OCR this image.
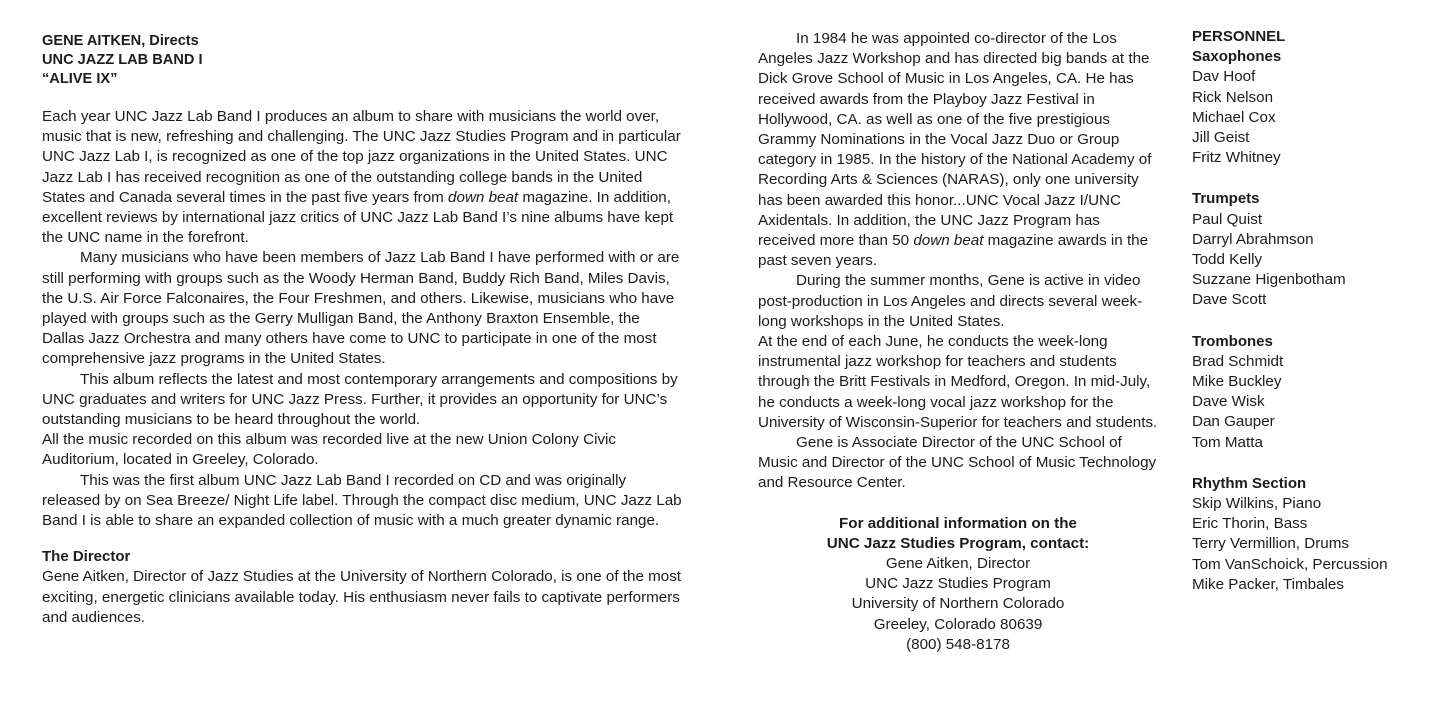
GENE AITKEN, Directs
UNC JAZZ LAB BAND I
“ALIVE IX”

Each year UNC Jazz Lab Band I produces an album to share with musicians the world over, music that is new, refreshing and challenging. The UNC Jazz Studies Program and in particular UNC Jazz Lab I, is recognized as one of the top jazz organizations in the United States. UNC Jazz Lab I has received recognition as one of the outstanding college bands in the United States and Canada several times in the past five years from down beat magazine. In addition, excellent reviews by international jazz critics of UNC Jazz Lab Band I’s nine albums have kept the UNC name in the forefront.

Many musicians who have been members of Jazz Lab Band I have performed with or are still performing with groups such as the Woody Herman Band, Buddy Rich Band, Miles Davis, the U.S. Air Force Falconaires, the Four Freshmen, and others. Likewise, musicians who have played with groups such as the Gerry Mulligan Band, the Anthony Braxton Ensemble, the Dallas Jazz Orchestra and many others have come to UNC to participate in one of the most comprehensive jazz programs in the United States.

This album reflects the latest and most contemporary arrangements and compositions by UNC graduates and writers for UNC Jazz Press. Further, it provides an opportunity for UNC’s outstanding musicians to be heard throughout the world.

All the music recorded on this album was recorded live at the new Union Colony Civic Auditorium, located in Greeley, Colorado.

This was the first album UNC Jazz Lab Band I recorded on CD and was originally released by on Sea Breeze/ Night Life label. Through the compact disc medium, UNC Jazz Lab Band I is able to share an expanded collection of music with a much greater dynamic range.

The Director

Gene Aitken, Director of Jazz Studies at the University of Northern Colorado, is one of the most exciting, energetic clinicians available today. His enthusiasm never fails to captivate performers and audiences.

In 1984 he was appointed co-director of the Los Angeles Jazz Workshop and has directed big bands at the Dick Grove School of Music in Los Angeles, CA. He has received awards from the Playboy Jazz Festival in Hollywood, CA. as well as one of the five prestigious Grammy Nominations in the Vocal Jazz Duo or Group category in 1985. In the history of the National Academy of Recording Arts & Sciences (NARAS), only one university has been awarded this honor...UNC Vocal Jazz I/UNC Axidentals. In addition, the UNC Jazz Program has received more than 50 down beat magazine awards in the past seven years.

During the summer months, Gene is active in video post-production in Los Angeles and directs several week-long workshops in the United States.

At the end of each June, he conducts the week-long instrumental jazz workshop for teachers and students through the Britt Festivals in Medford, Oregon. In mid-July, he conducts a week-long vocal jazz workshop for the University of Wisconsin-Superior for teachers and students.

Gene is Associate Director of the UNC School of Music and Director of the UNC School of Music Technology and Resource Center.

For additional information on the

UNC Jazz Studies Program, contact:

Gene Aitken, Director

UNC Jazz Studies Program

University of Northern Colorado

Greeley, Colorado 80639

(800) 548-8178

PERSONNEL
Saxophones
Dav Hoof
Rick Nelson
Michael Cox
Jill Geist
Fritz Whitney
Trumpets
Paul Quist
Darryl Abrahmson
Todd Kelly
Suzzane Higenbotham
Dave Scott
Trombones
Brad Schmidt
Mike Buckley
Dave Wisk
Dan Gauper
Tom Matta
Rhythm Section
Skip Wilkins, Piano
Eric Thorin, Bass
Terry Vermillion, Drums
Tom VanSchoick, Percussion
Mike Packer, Timbales
